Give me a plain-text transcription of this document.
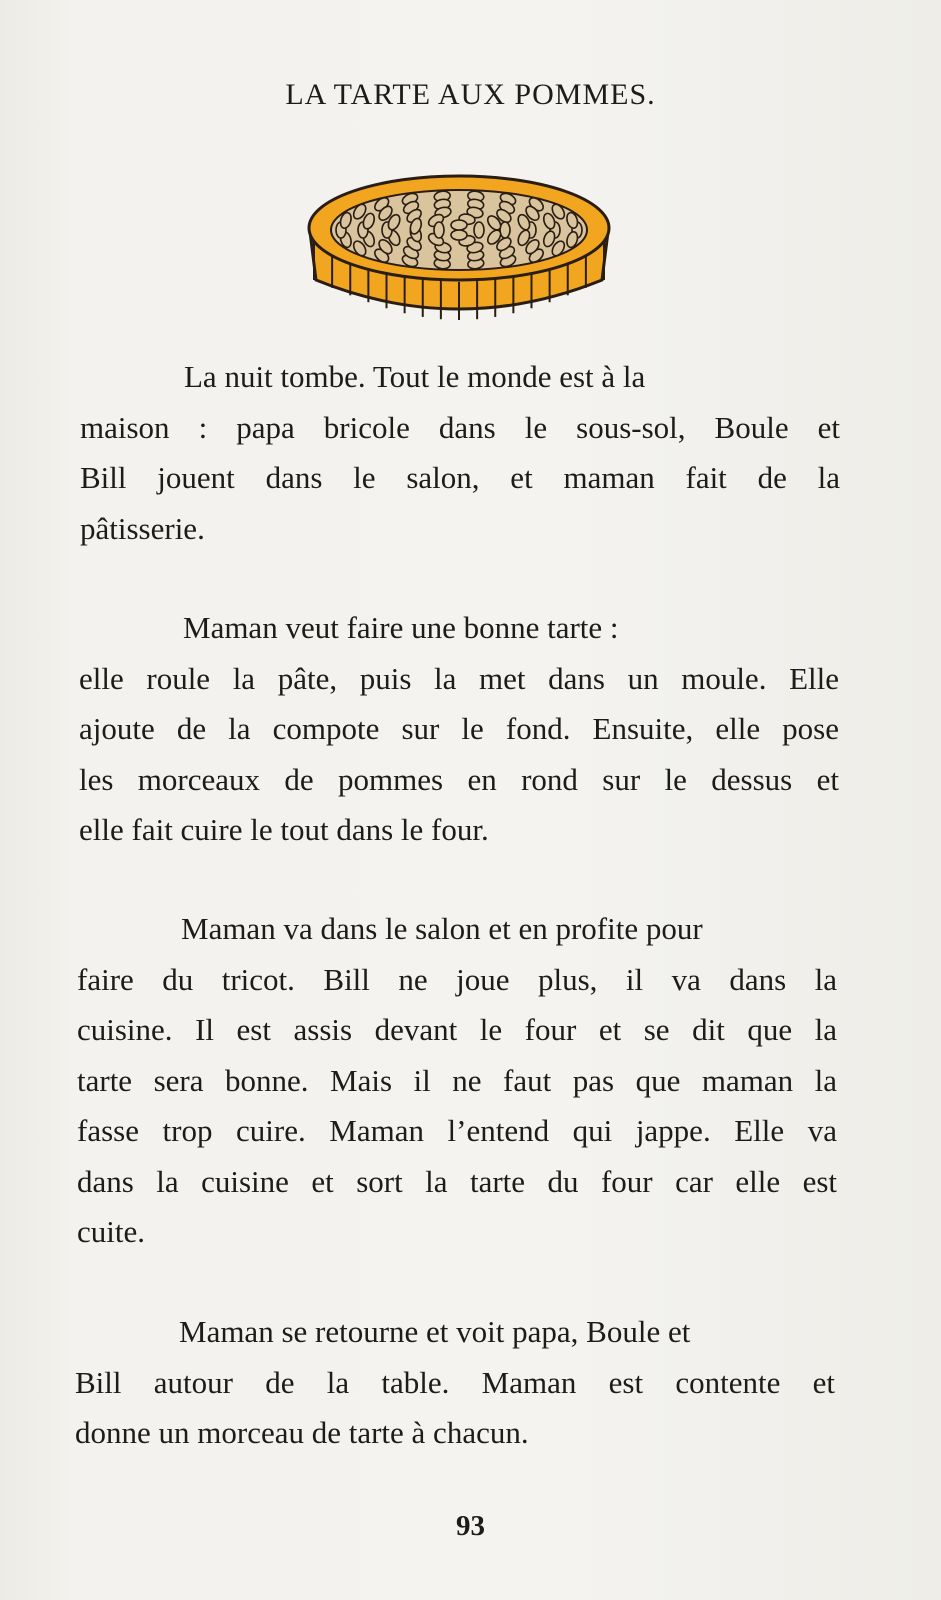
LA TARTE AUX POMMES.

La nuit tombe. Tout le monde est à la
maison : papa bricole dans le sous-sol, Boule et
Bill jouent dans le salon, et maman fait de la
pâtisserie.

Maman veut faire une bonne tarte :
elle roule la pâte, puis la met dans un moule. Elle
ajoute de la compote sur le fond. Ensuite, elle pose
les morceaux de pommes en rond sur le dessus et
elle fait cuire le tout dans le four.

Maman va dans le salon et en profite pour
faire du tricot. Bill ne joue plus, il va dans la
cuisine. Il est assis devant le four et se dit que la
tarte sera bonne. Mais il ne faut pas que maman la
fasse trop cuire. Maman l’entend qui jappe. Elle va
dans la cuisine et sort la tarte du four car elle est
cuite.

Maman se retourne et voit papa, Boule et
Bill autour de la table. Maman est contente et
donne un morceau de tarte à chacun.

93
